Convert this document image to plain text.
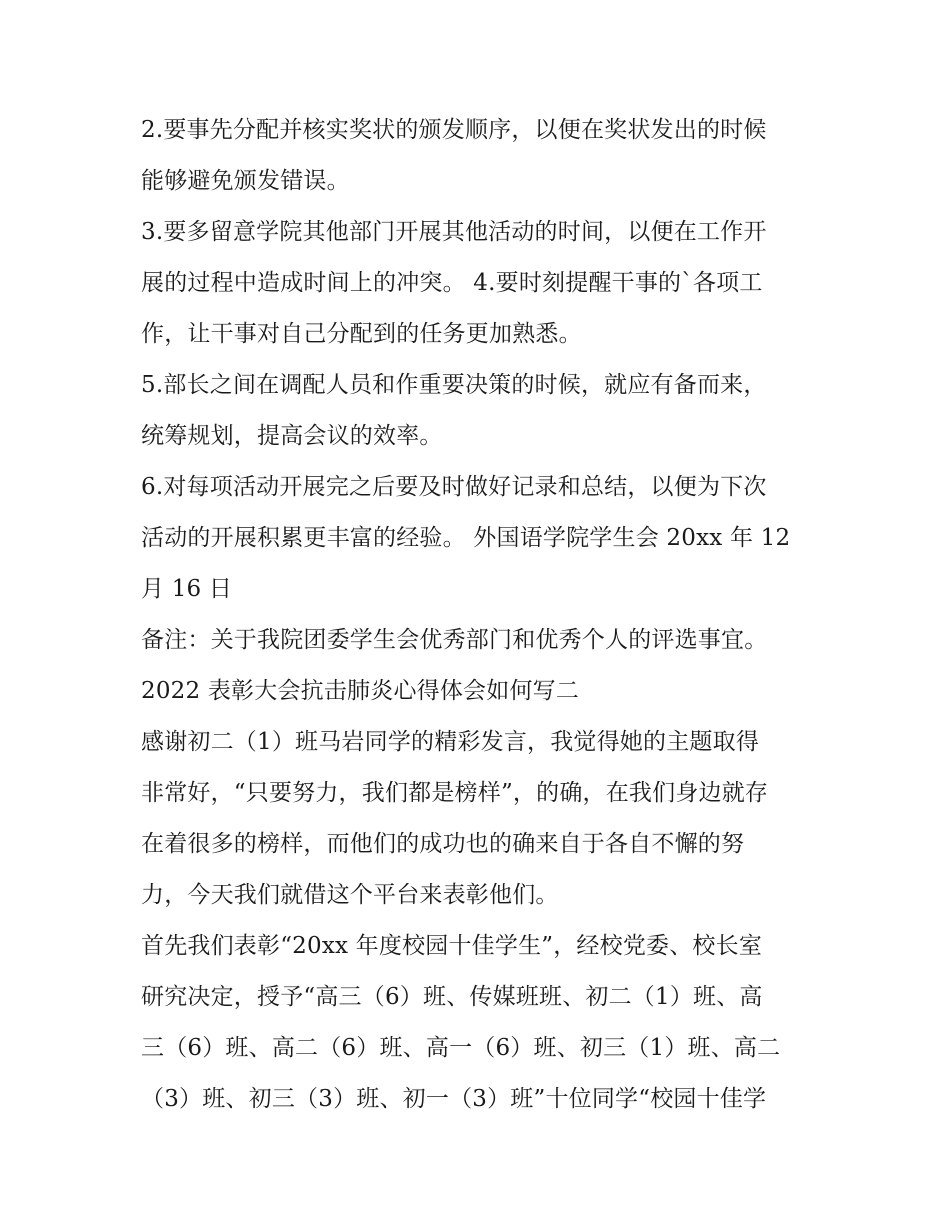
2.要事先分配并核实奖状的颁发顺序，以便在奖状发出的时候
能够避免颁发错误。
3.要多留意学院其他部门开展其他活动的时间，以便在工作开
展的过程中造成时间上的冲突。 4.要时刻提醒干事的`各项工
作，让干事对自己分配到的任务更加熟悉。
5.部长之间在调配人员和作重要决策的时候，就应有备而来，
统筹规划，提高会议的效率。
6.对每项活动开展完之后要及时做好记录和总结，以便为下次
活动的开展积累更丰富的经验。 外国语学院学生会 20xx 年 12
月 16 日
备注：关于我院团委学生会优秀部门和优秀个人的评选事宜。
2022 表彰大会抗击肺炎心得体会如何写二
感谢初二（1）班马岩同学的精彩发言，我觉得她的主题取得
非常好，“只要努力，我们都是榜样”，的确，在我们身边就存
在着很多的榜样，而他们的成功也的确来自于各自不懈的努
力，今天我们就借这个平台来表彰他们。
首先我们表彰“20xx 年度校园十佳学生”，经校党委、校长室
研究决定，授予“高三（6）班、传媒班班、初二（1）班、高
三（6）班、高二（6）班、高一（6）班、初三（1）班、高二
（3）班、初三（3）班、初一（3）班”十位同学“校园十佳学
